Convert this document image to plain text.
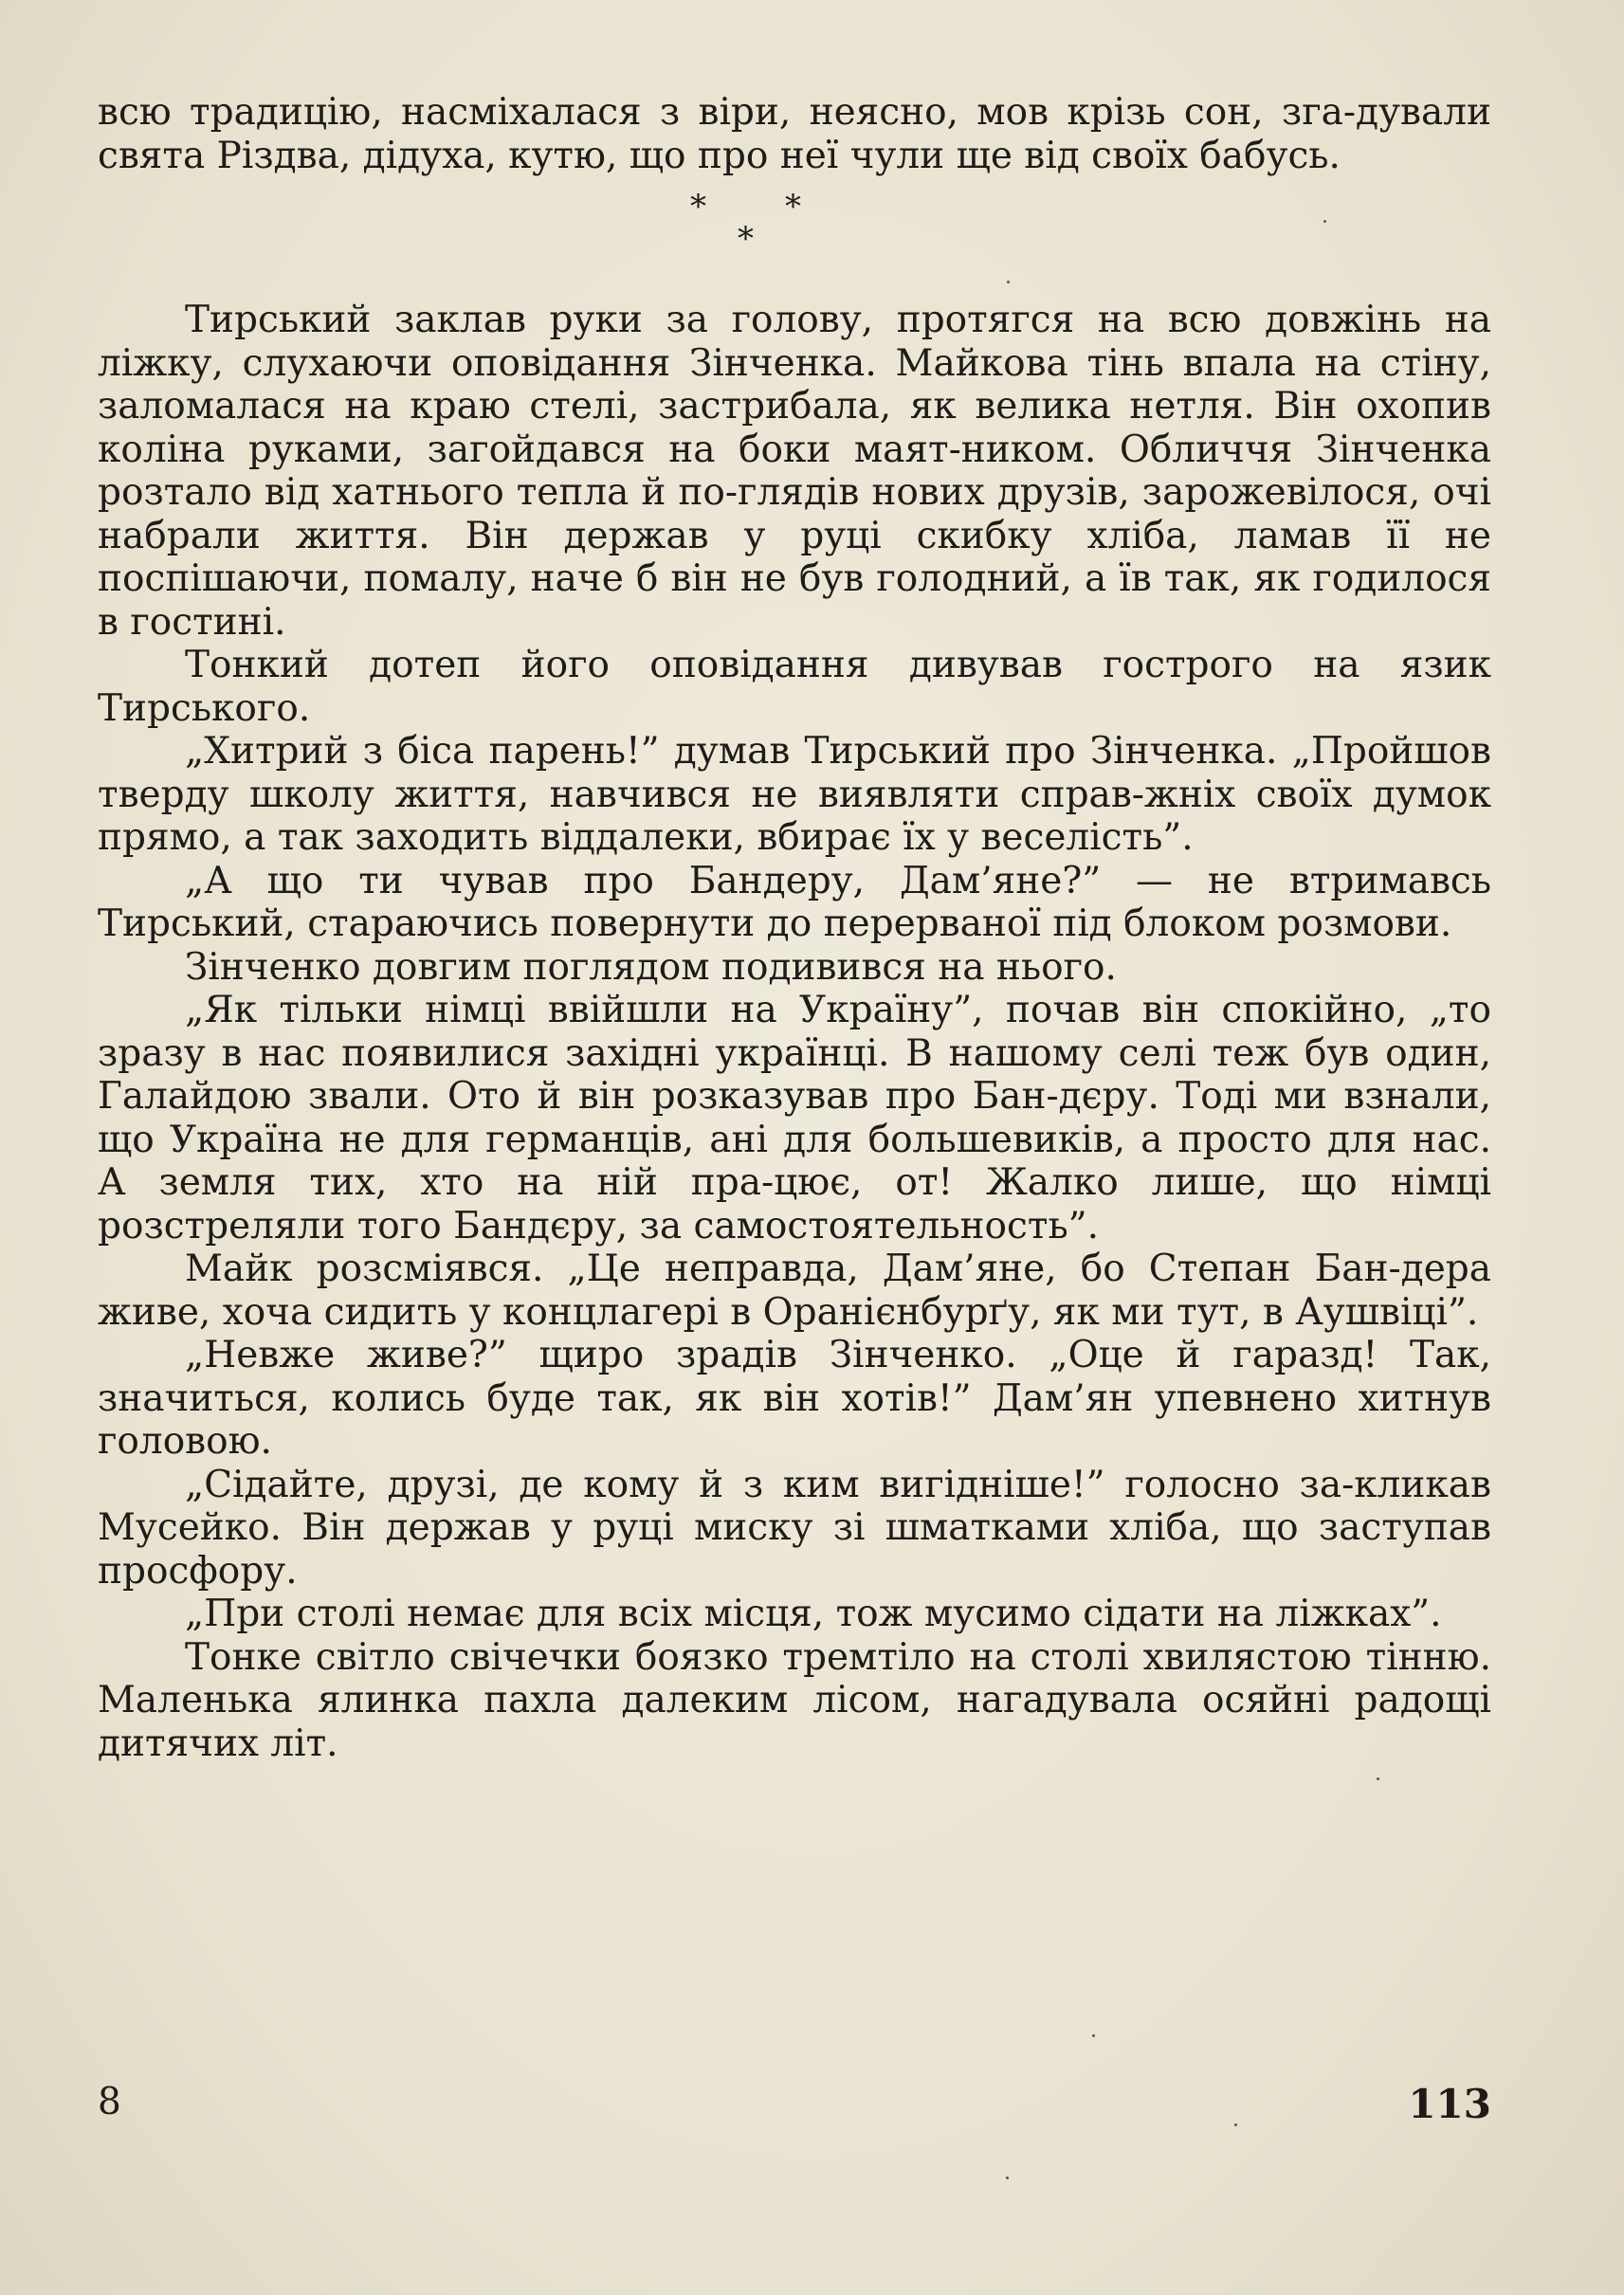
всю традицію, насміхалася з віри, неясно, мов крізь сон, зга-дували свята Різдва, дідуха, кутю, що про неї чули ще від своїх бабусь.

* *
*

Тирський заклав руки за голову, протягся на всю довжінь на ліжку, слухаючи оповідання Зінченка. Майкова тінь впала на стіну, заломалася на краю стелі, застрибала, як велика нетля. Він охопив коліна руками, загойдався на боки маят-ником. Обличчя Зінченка розтало від хатнього тепла й по-глядів нових друзів, зарожевілося, очі набрали життя. Він держав у руці скибку хліба, ламав її не поспішаючи, помалу, наче б він не був голодний, а їв так, як годилося в гостині.

Тонкий дотеп його оповідання дивував гострого на язик Тирського.

„Хитрий з біса парень!” думав Тирський про Зінченка. „Пройшов тверду школу життя, навчився не виявляти справ-жніх своїх думок прямо, а так заходить віддалеки, вбирає їх у веселість”.

„А що ти чував про Бандеру, Дам’яне?” — не втримавсь Тирський, стараючись повернути до перерваної під блоком розмови.

Зінченко довгим поглядом подивився на нього.

„Як тільки німці ввійшли на Україну”, почав він спокійно, „то зразу в нас появилися західні українці. В нашому селі теж був один, Галайдою звали. Ото й він розказував про Бан-дєру. Тоді ми взнали, що Україна не для германців, ані для большевиків, а просто для нас. А земля тих, хто на ній пра-цює, от! Жалко лише, що німці розстреляли того Бандєру, за самостоятельность”.

Майк розсміявся. „Це неправда, Дам’яне, бо Степан Бан-дера живе, хоча сидить у концлагері в Оранієнбурґу, як ми тут, в Аушвіці”.

„Невже живе?” щиро зрадів Зінченко. „Оце й гаразд! Так, значиться, колись буде так, як він хотів!” Дам’ян упевнено хитнув головою.

„Сідайте, друзі, де кому й з ким вигідніше!” голосно за-кликав Мусейко. Він держав у руці миску зі шматками хліба, що заступав просфору.

„При столі немає для всіх місця, тож мусимо сідати на ліжках”.

Тонке світло свічечки боязко тремтіло на столі хвилястою тінню. Маленька ялинка пахла далеким лісом, нагадувала осяйні радощі дитячих літ.

8	113
